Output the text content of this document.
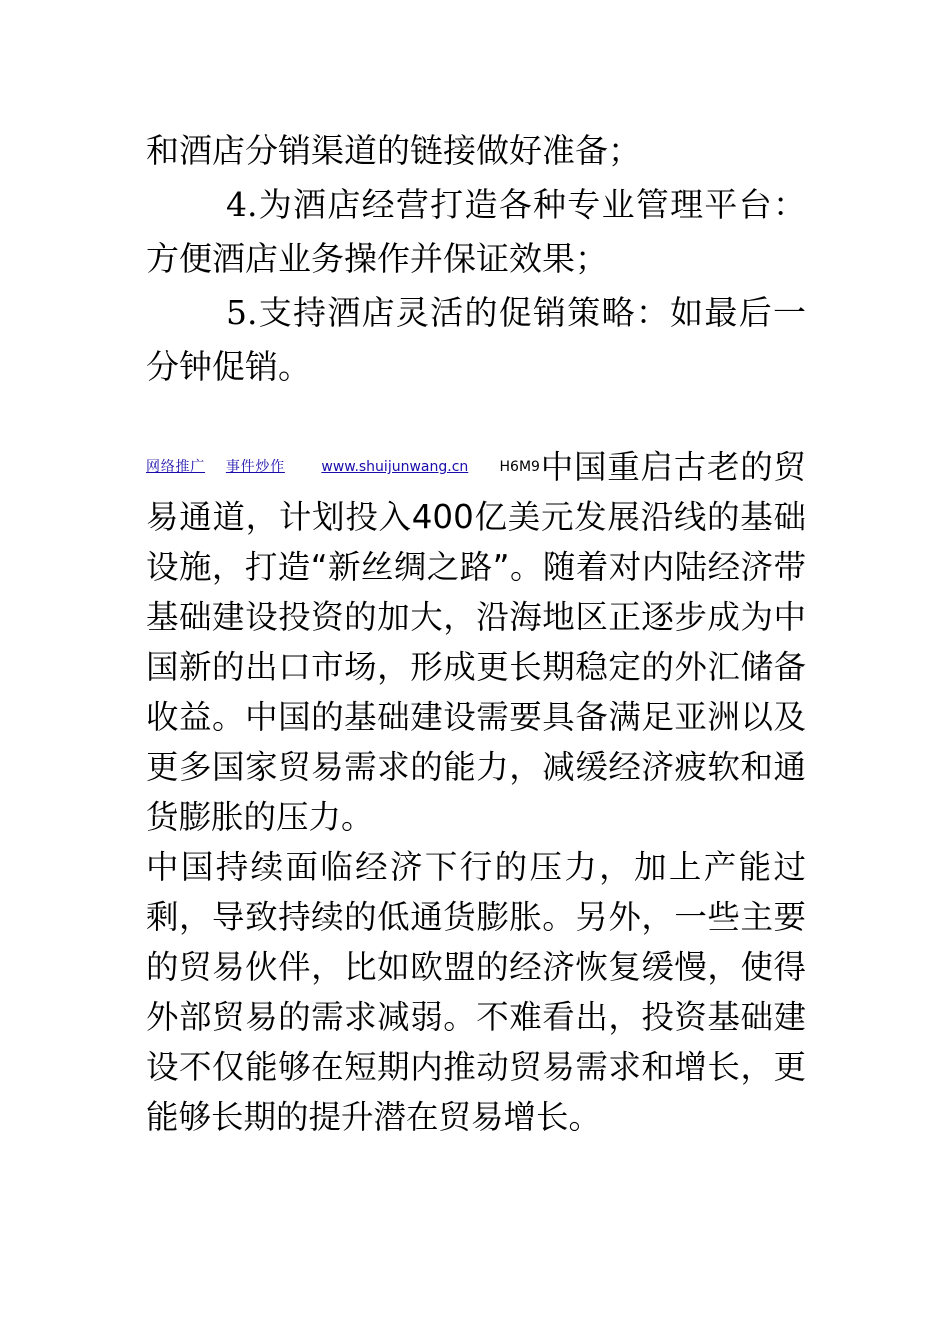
和酒店分销渠道的链接做好准备；

4.为酒店经营打造各种专业管理平台：方便酒店业务操作并保证效果；

5.支持酒店灵活的促销策略：如最后一分钟促销。

$^{网络推广 事件炒作 www.shuijunwang.cn H6M9}$中国重启古老的贸易通道，计划投入400亿美元发展沿线的基础设施，打造“新丝绸之路”。随着对内陆经济带基础建设投资的加大，沿海地区正逐步成为中国新的出口市场，形成更长期稳定的外汇储备收益。中国的基础建设需要具备满足亚洲以及更多国家贸易需求的能力，减缓经济疲软和通货膨胀的压力。

中国持续面临经济下行的压力，加上产能过剩，导致持续的低通货膨胀。另外，一些主要的贸易伙伴，比如欧盟的经济恢复缓慢，使得外部贸易的需求减弱。不难看出，投资基础建设不仅能够在短期内推动贸易需求和增长，更能够长期的提升潜在贸易增长。
